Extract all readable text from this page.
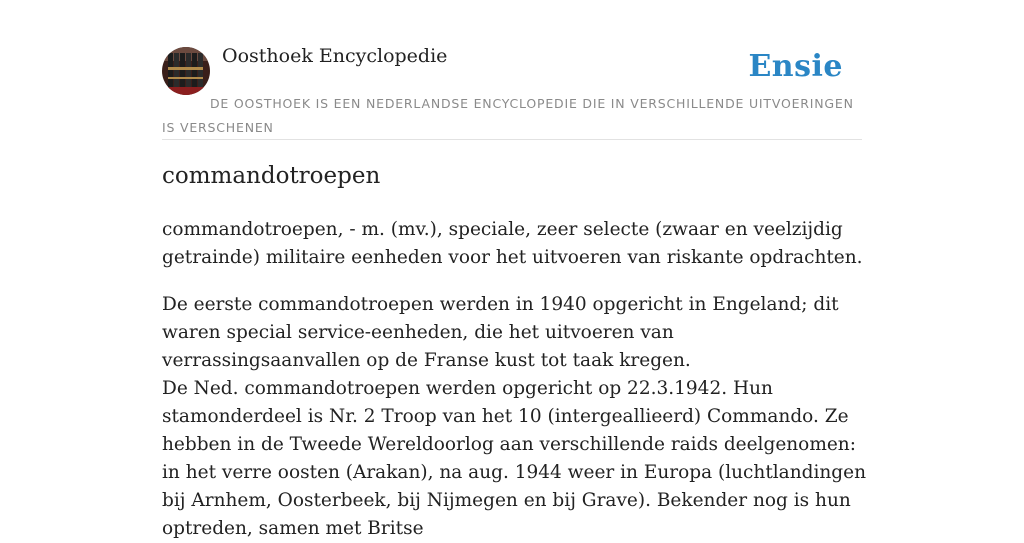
Oosthoek Encyclopedie	Ensie
DE OOSTHOEK IS EEN NEDERLANDSE ENCYCLOPEDIE DIE IN VERSCHILLENDE UITVOERINGEN IS VERSCHENEN
commandotroepen

commandotroepen, - m. (mv.), speciale, zeer selecte (zwaar en veelzijdig getrainde) militaire eenheden voor het uitvoeren van riskante opdrachten.

De eerste commandotroepen werden in 1940 opgericht in Engeland; dit waren special service-eenheden, die het uitvoeren van verrassingsaanvallen op de Franse kust tot taak kregen.

De Ned. commandotroepen werden opgericht op 22.3.1942. Hun stamonderdeel is Nr. 2 Troop van het 10 (intergeallieerd) Commando. Ze hebben in de Tweede Wereldoorlog aan verschillende raids deelgenomen: in het verre oosten (Arakan), na aug. 1944 weer in Europa (luchtlandingen bij Arnhem, Oosterbeek, bij Nijmegen en bij Grave). Bekender nog is hun optreden, samen met Britse
